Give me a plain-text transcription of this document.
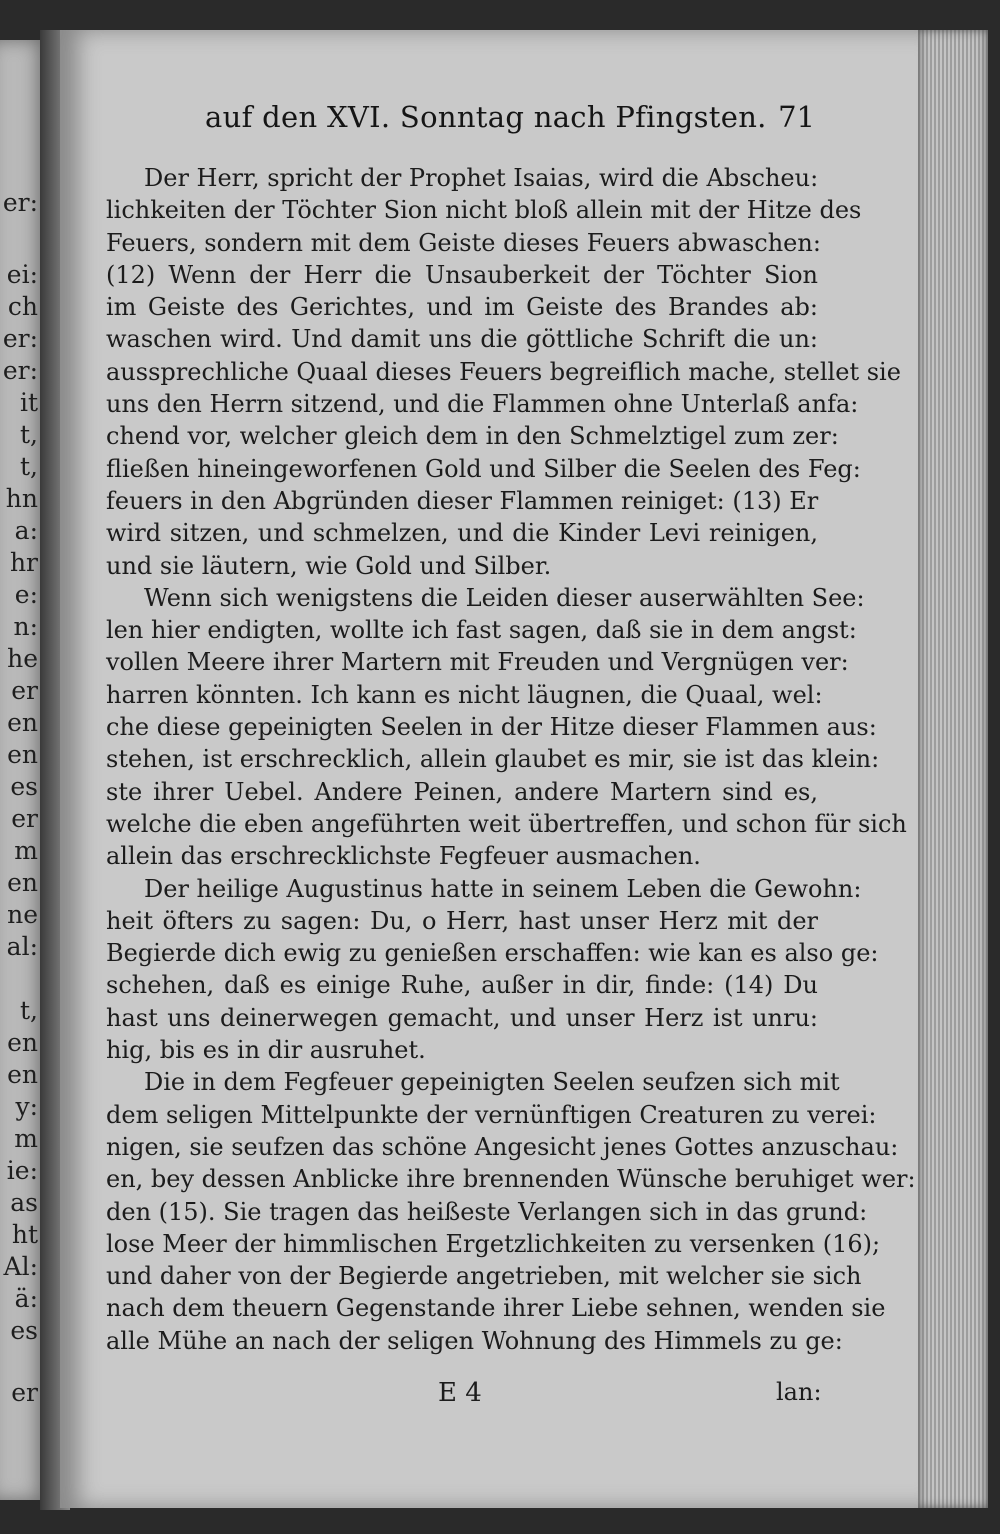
er:
ei:
ch
er:
er:
it
t,
t,
hn
a:
hr
e:
n:
he
er
en
en
es
er
m
en
ne
al:
t,
en
en
y:
m
ie:
as
ht
Al:
ä:
es
er
auf den XVI. Sonntag nach Pfingsten. 71
Der Herr, spricht der Prophet Isaias, wird die Abscheu:
lichkeiten der Töchter Sion nicht bloß allein mit der Hitze des
Feuers, sondern mit dem Geiste dieses Feuers abwaschen:
(12) Wenn der Herr die Unsauberkeit der Töchter Sion
im Geiste des Gerichtes, und im Geiste des Brandes ab:
waschen wird. Und damit uns die göttliche Schrift die un:
aussprechliche Quaal dieses Feuers begreiflich mache, stellet sie
uns den Herrn sitzend, und die Flammen ohne Unterlaß anfa:
chend vor, welcher gleich dem in den Schmelztigel zum zer:
fließen hineingeworfenen Gold und Silber die Seelen des Feg:
feuers in den Abgründen dieser Flammen reiniget: (13) Er
wird sitzen, und schmelzen, und die Kinder Levi reinigen,
und sie läutern, wie Gold und Silber.
Wenn sich wenigstens die Leiden dieser auserwählten See:
len hier endigten, wollte ich fast sagen, daß sie in dem angst:
vollen Meere ihrer Martern mit Freuden und Vergnügen ver:
harren könnten. Ich kann es nicht läugnen, die Quaal, wel:
che diese gepeinigten Seelen in der Hitze dieser Flammen aus:
stehen, ist erschrecklich, allein glaubet es mir, sie ist das klein:
ste ihrer Uebel. Andere Peinen, andere Martern sind es,
welche die eben angeführten weit übertreffen, und schon für sich
allein das erschrecklichste Fegfeuer ausmachen.
Der heilige Augustinus hatte in seinem Leben die Gewohn:
heit öfters zu sagen: Du, o Herr, hast unser Herz mit der
Begierde dich ewig zu genießen erschaffen: wie kan es also ge:
schehen, daß es einige Ruhe, außer in dir, finde: (14) Du
hast uns deinerwegen gemacht, und unser Herz ist unru:
hig, bis es in dir ausruhet.
Die in dem Fegfeuer gepeinigten Seelen seufzen sich mit
dem seligen Mittelpunkte der vernünftigen Creaturen zu verei:
nigen, sie seufzen das schöne Angesicht jenes Gottes anzuschau:
en, bey dessen Anblicke ihre brennenden Wünsche beruhiget wer:
den (15). Sie tragen das heißeste Verlangen sich in das grund:
lose Meer der himmlischen Ergetzlichkeiten zu versenken (16);
und daher von der Begierde angetrieben, mit welcher sie sich
nach dem theuern Gegenstande ihrer Liebe sehnen, wenden sie
alle Mühe an nach der seligen Wohnung des Himmels zu ge:
E 4	lan:
